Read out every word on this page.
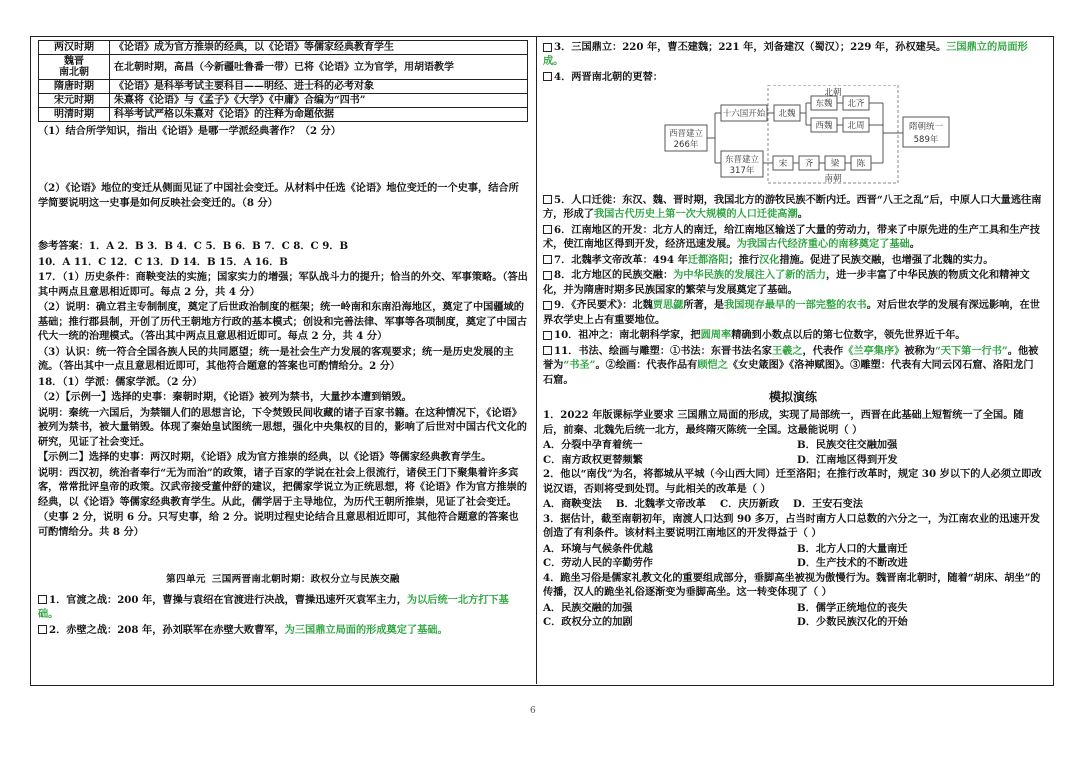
两汉时期	《论语》成为官方推崇的经典，以《论语》等儒家经典教育学生
魏晋
南北朝	在北朝时期，高昌（今新疆吐鲁番一带）已将《论语》立为官学，用胡语教学
隋唐时期	《论语》是科举考试主要科目——明经、进士科的必考对象
宋元时期	朱熹将《论语》与《孟子》《大学》《中庸》合编为“四书”
明清时期	科举考试严格以朱熹对《论语》的注释为命题依据

（1）结合所学知识，指出《论语》是哪一学派经典著作？（2 分）

（2）《论语》地位的变迁从侧面见证了中国社会变迁。从材料中任选《论语》地位变迁的一个史事，结合所学简要说明这一史事是如何反映社会变迁的。（8 分）

参考答案：1．A 2．B 3．B 4．C 5．B 6．B 7．C 8．C 9．B

10．A 11．C 12．C 13．D 14．B 15．A 16．B

17．（1）历史条件：商鞅变法的实施；国家实力的增强；军队战斗力的提升；恰当的外交、军事策略。（答出其中两点且意思相近即可。每点 2 分，共 4 分）

（2）说明：确立君主专制制度，奠定了后世政治制度的框架；统一岭南和东南沿海地区，奠定了中国疆域的基础；推行郡县制，开创了历代王朝地方行政的基本模式；创设和完善法律、军事等各项制度，奠定了中国古代大一统的治理模式。（答出其中两点且意思相近即可。每点 2 分，共 4 分）

（3）认识：统一符合全国各族人民的共同愿望；统一是社会生产力发展的客观要求；统一是历史发展的主流。（答出其中一点且意思相近即可，其他符合题意的答案也可酌情给分。2 分）

18．（1）学派：儒家学派。（2 分）

（2）【示例一】选择的史事：秦朝时期，《论语》被列为禁书，大量抄本遭到销毁。

说明：秦统一六国后，为禁锢人们的思想言论，下令焚毁民间收藏的诸子百家书籍。在这种情况下，《论语》被列为禁书，被大量销毁。体现了秦始皇试图统一思想，强化中央集权的目的，影响了后世对中国古代文化的研究，见证了社会变迁。

【示例二】选择的史事：两汉时期，《论语》成为官方推崇的经典，以《论语》等儒家经典教育学生。

说明：西汉初，统治者奉行“无为而治”的政策，诸子百家的学说在社会上很流行，诸侯王门下聚集着许多宾客，常常批评皇帝的政策。汉武帝接受董仲舒的建议，把儒家学说立为正统思想，将《论语》作为官方推崇的经典，以《论语》等儒家经典教育学生。从此，儒学居于主导地位，为历代王朝所推崇，见证了社会变迁。

（史事 2 分，说明 6 分。只写史事，给 2 分。说明过程史论结合且意思相近即可，其他符合题意的答案也可酌情给分。共 8 分）

第四单元 三国两晋南北朝时期：政权分立与民族交融

1．官渡之战：200 年，曹操与袁绍在官渡进行决战，曹操迅速歼灭袁军主力，为以后统一北方打下基础。

2．赤壁之战：208 年，孙刘联军在赤壁大败曹军，为三国鼎立局面的形成奠定了基础。

3．三国鼎立：220 年，曹丕建魏；221 年，刘备建汉（蜀汉）；229 年，孙权建吴。三国鼎立的局面形成。

4．两晋南北朝的更替：

北朝
南朝
西晋建立
266年
十六国开始 北魏
东魏 北齐
西魏 北周
东晋建立
317年
宋 齐 梁 陈
隋朝统一
589年

5．人口迁徙：东汉、魏、晋时期，我国北方的游牧民族不断内迁。西晋“八王之乱”后，中原人口大量逃往南方，形成了我国古代历史上第一次大规模的人口迁徙高潮。

6．江南地区的开发：北方人的南迁，给江南地区输送了大量的劳动力，带来了中原先进的生产工具和生产技术，使江南地区得到开发，经济迅速发展。为我国古代经济重心的南移奠定了基础。

7．北魏孝文帝改革：494 年迁都洛阳；推行汉化措施。促进了民族交融，也增强了北魏的实力。

8．北方地区的民族交融：为中华民族的发展注入了新的活力，进一步丰富了中华民族的物质文化和精神文化，并为隋唐时期多民族国家的繁荣与发展奠定了基础。

9．《齐民要术》：北魏贾思勰所著，是我国现存最早的一部完整的农书。对后世农学的发展有深远影响，在世界农学史上占有重要地位。

10．祖冲之：南北朝科学家，把圆周率精确到小数点以后的第七位数字，领先世界近千年。

11．书法、绘画与雕塑：①书法：东晋书法名家王羲之，代表作《兰亭集序》被称为“天下第一行书”。他被誉为“书圣”。②绘画：代表作品有顾恺之《女史箴图》《洛神赋图》。③雕塑：代表有大同云冈石窟、洛阳龙门石窟。

模拟演练

1．2022 年版课标学业要求 三国鼎立局面的形成，实现了局部统一，西晋在此基础上短暂统一了全国。随后，前秦、北魏先后统一北方，最终隋灭陈统一全国。这最能说明（ ）

A．分裂中孕育着统一	B．民族交往交融加强
C．南方政权更替频繁	D．江南地区得到开发

2．他以“南伐”为名，将都城从平城（今山西大同）迁至洛阳；在推行改革时，规定 30 岁以下的人必须立即改说汉语，否则将受到处罚。与此相关的改革是（ ）

A．商鞅变法 B．北魏孝文帝改革 C．庆历新政 D．王安石变法

3．据估计，截至南朝初年，南渡人口达到 90 多万，占当时南方人口总数的六分之一，为江南农业的迅速开发创造了有利条件。该材料主要说明江南地区的开发得益于（ ）

A．环境与气候条件优越	B．北方人口的大量南迁
C．劳动人民的辛勤劳作	D．生产技术的不断改进

4．跪坐习俗是儒家礼教文化的重要组成部分，垂脚高坐被视为傲慢行为。魏晋南北朝时，随着“胡床、胡坐”的传播，汉人的跪坐礼俗逐渐变为垂脚高坐。这一转变体现了（ ）

A．民族交融的加强	B．儒学正统地位的丧失
C．政权分立的加剧	D．少数民族汉化的开始
6
